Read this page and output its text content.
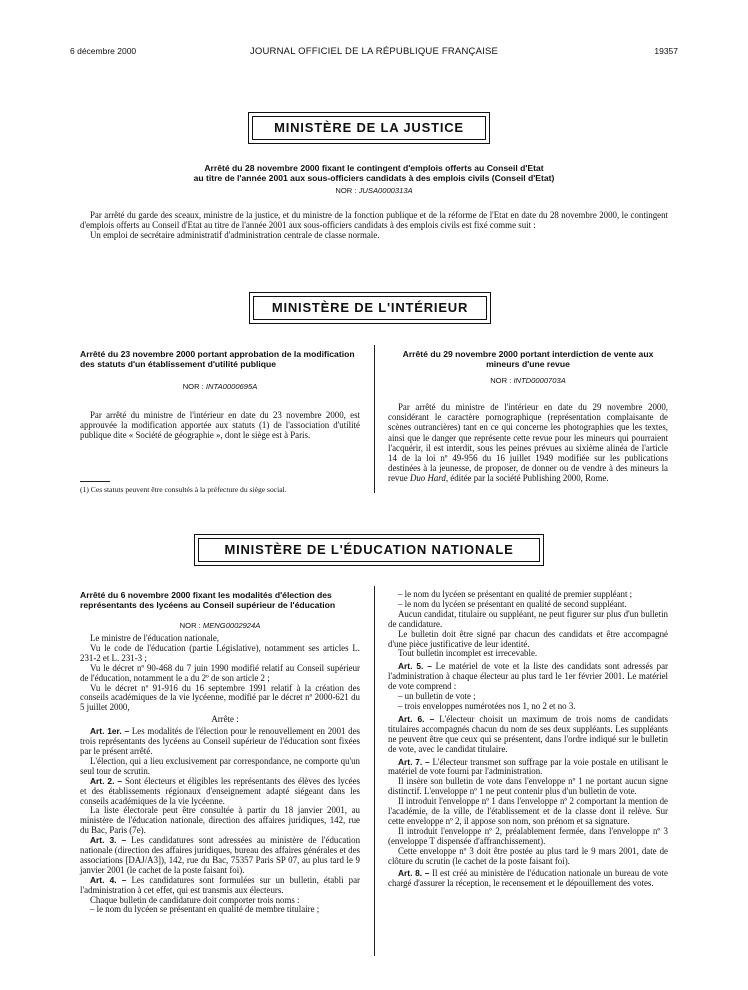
6 décembre 2000	JOURNAL OFFICIEL DE LA RÉPUBLIQUE FRANÇAISE	19357
MINISTÈRE DE LA JUSTICE
Arrêté du 28 novembre 2000 fixant le contingent d'emplois offerts au Conseil d'Etat
au titre de l'année 2001 aux sous-officiers candidats à des emplois civils (Conseil d'Etat)
NOR : JUSA0000313A
Par arrêté du garde des sceaux, ministre de la justice, et du ministre de la fonction publique et de la réforme de l'Etat en date du 28 novembre 2000, le contingent d'emplois offerts au Conseil d'Etat au titre de l'année 2001 aux sous-officiers candidats à des emplois civils est fixé comme suit :
Un emploi de secrétaire administratif d'administration centrale de classe normale.
MINISTÈRE DE L'INTÉRIEUR
Arrêté du 23 novembre 2000 portant approbation de la modification des statuts d'un établissement d'utilité publique
NOR : INTA0000695A
Par arrêté du ministre de l'intérieur en date du 23 novembre 2000, est approuvée la modification apportée aux statuts (1) de l'association d'utilité publique dite « Société de géographie », dont le siège est à Paris.
(1) Ces statuts peuvent être consultés à la préfecture du siège social.
Arrêté du 29 novembre 2000 portant interdiction de vente aux mineurs d'une revue
NOR : INTD0000703A
Par arrêté du ministre de l'intérieur en date du 29 novembre 2000, considérant le caractère pornographique (représentation complaisante de scènes outrancières) tant en ce qui concerne les photographies que les textes, ainsi que le danger que représente cette revue pour les mineurs qui pourraient l'acquérir, il est interdit, sous les peines prévues au sixième alinéa de l'article 14 de la loi nº 49-956 du 16 juillet 1949 modifiée sur les publications destinées à la jeunesse, de proposer, de donner ou de vendre à des mineurs la revue Duo Hard, éditée par la société Publishing 2000, Rome.
MINISTÈRE DE L'ÉDUCATION NATIONALE
Arrêté du 6 novembre 2000 fixant les modalités d'élection des représentants des lycéens au Conseil supérieur de l'éducation
NOR : MENG0002924A
Le ministre de l'éducation nationale,
Vu le code de l'éducation (partie Législative), notamment ses articles L. 231-2 et L. 231-3 ;
Vu le décret nº 90-468 du 7 juin 1990 modifié relatif au Conseil supérieur de l'éducation, notamment le a du 2º de son article 2 ;
Vu le décret nº 91-916 du 16 septembre 1991 relatif à la création des conseils académiques de la vie lycéenne, modifié par le décret nº 2000-621 du 5 juillet 2000,
Arrête :
Art. 1er. – Les modalités de l'élection pour le renouvellement en 2001 des trois représentants des lycéens au Conseil supérieur de l'éducation sont fixées par le présent arrêté.
L'élection, qui a lieu exclusivement par correspondance, ne comporte qu'un seul tour de scrutin.
Art. 2. – Sont électeurs et éligibles les représentants des élèves des lycées et des établissements régionaux d'enseignement adapté siégeant dans les conseils académiques de la vie lycéenne.
La liste électorale peut être consultée à partir du 18 janvier 2001, au ministère de l'éducation nationale, direction des affaires juridiques, 142, rue du Bac, Paris (7e).
Art. 3. – Les candidatures sont adressées au ministère de l'éducation nationale (direction des affaires juridiques, bureau des affaires générales et des associations [DAJ/A3]), 142, rue du Bac, 75357 Paris SP 07, au plus tard le 9 janvier 2001 (le cachet de la poste faisant foi).
Art. 4. – Les candidatures sont formulées sur un bulletin, établi par l'administration à cet effet, qui est transmis aux électeurs.
Chaque bulletin de candidature doit comporter trois noms :
– le nom du lycéen se présentant en qualité de membre titulaire ;
– le nom du lycéen se présentant en qualité de premier suppléant ;
– le nom du lycéen se présentant en qualité de second suppléant.
Aucun candidat, titulaire ou suppléant, ne peut figurer sur plus d'un bulletin de candidature.
Le bulletin doit être signé par chacun des candidats et être accompagné d'une pièce justificative de leur identité.
Tout bulletin incomplet est irrecevable.
Art. 5. – Le matériel de vote et la liste des candidats sont adressés par l'administration à chaque électeur au plus tard le 1er février 2001. Le matériel de vote comprend :
– un bulletin de vote ;
– trois enveloppes numérotées nos 1, no 2 et no 3.
Art. 6. – L'électeur choisit un maximum de trois noms de candidats titulaires accompagnés chacun du nom de ses deux suppléants. Les suppléants ne peuvent être que ceux qui se présentent, dans l'ordre indiqué sur le bulletin de vote, avec le candidat titulaire.
Art. 7. – L'électeur transmet son suffrage par la voie postale en utilisant le matériel de vote fourni par l'administration.
Il insère son bulletin de vote dans l'enveloppe nº 1 ne portant aucun signe distinctif. L'enveloppe nº 1 ne peut contenir plus d'un bulletin de vote.
Il introduit l'enveloppe nº 1 dans l'enveloppe nº 2 comportant la mention de l'académie, de la ville, de l'établissement et de la classe dont il relève. Sur cette enveloppe nº 2, il appose son nom, son prénom et sa signature.
Il introduit l'enveloppe nº 2, préalablement fermée, dans l'enveloppe nº 3 (enveloppe T dispensée d'affranchissement).
Cette enveloppe nº 3 doit être postée au plus tard le 9 mars 2001, date de clôture du scrutin (le cachet de la poste faisant foi).
Art. 8. – Il est créé au ministère de l'éducation nationale un bureau de vote chargé d'assurer la réception, le recensement et le dépouillement des votes.
